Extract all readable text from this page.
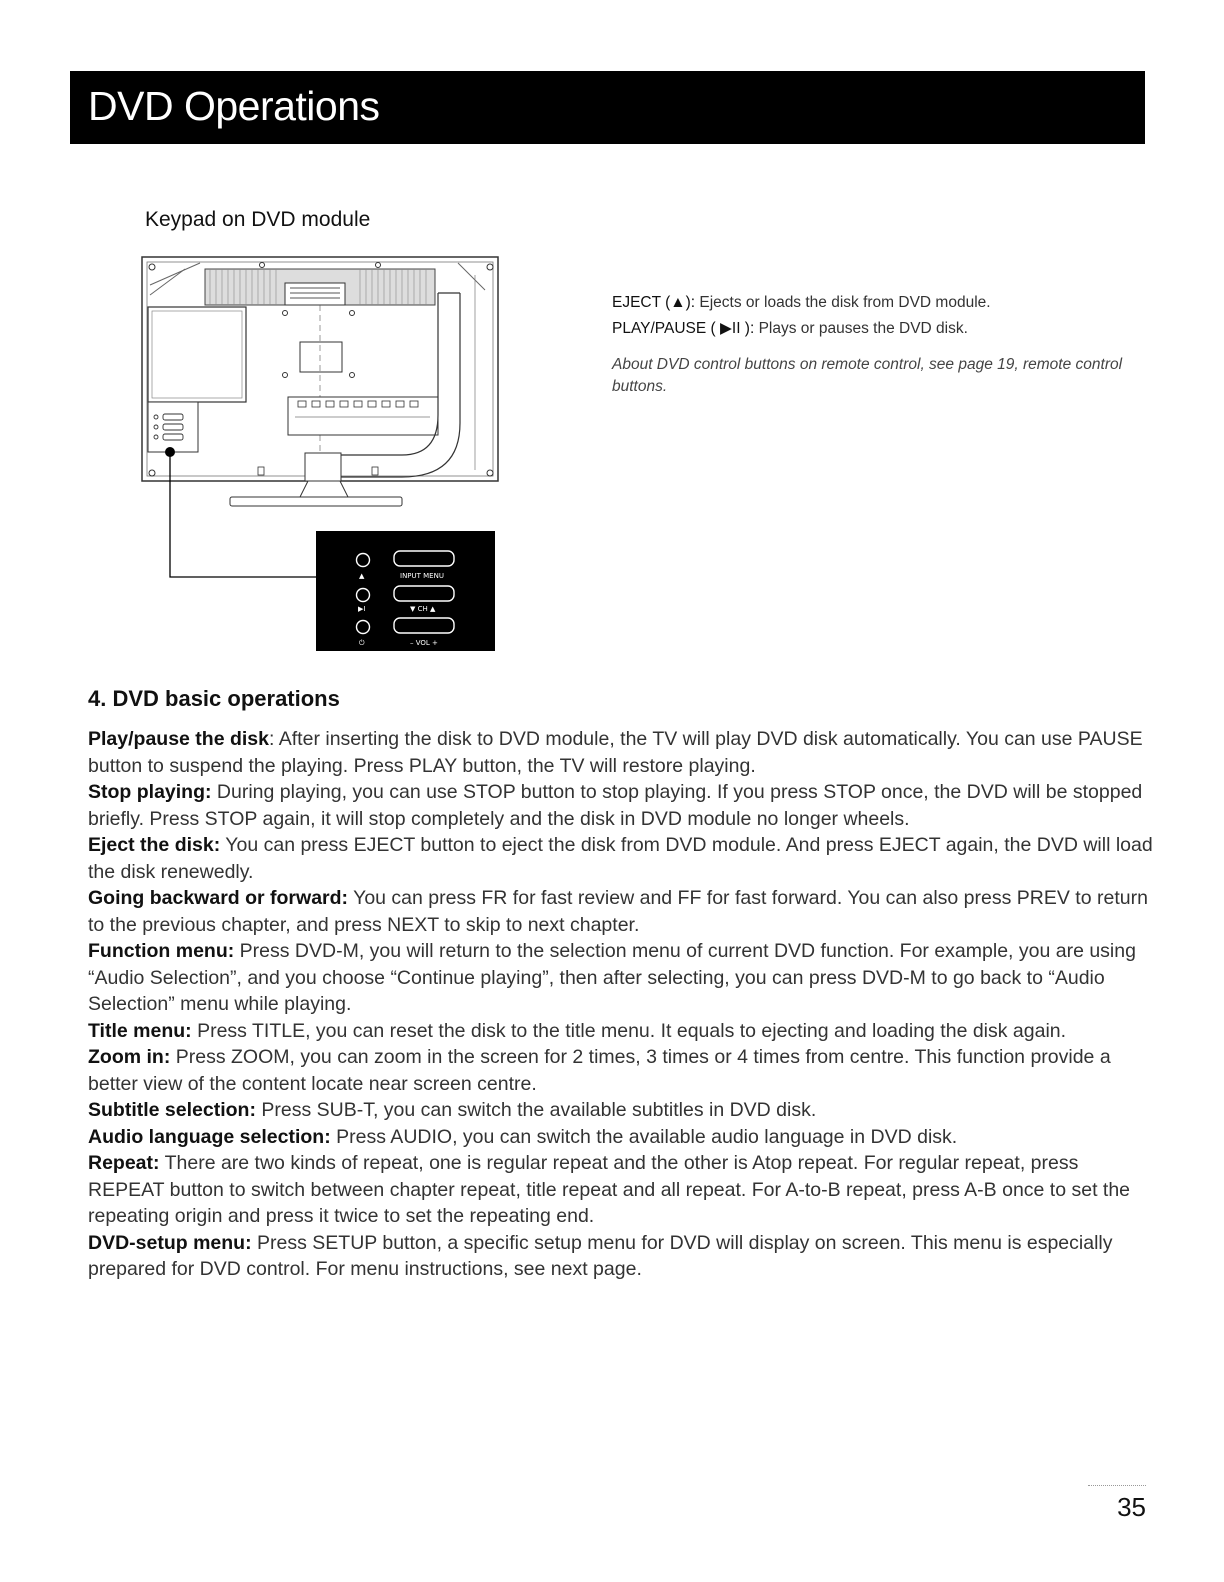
DVD Operations
Keypad on DVD module
▲
▶I
⏻
INPUT MENU
▼ CH ▲
– VOL +
EJECT (▲): Ejects or loads the disk from DVD module.
PLAY/PAUSE ( ▶II ): Plays or pauses the DVD disk.
About DVD control buttons on remote control, see page 19, remote control buttons.
4. DVD basic operations

Play/pause the disk: After inserting the disk to DVD module, the TV will play DVD disk automatically. You can use PAUSE button to suspend the playing. Press PLAY button, the TV will restore playing.

Stop playing: During playing, you can use STOP button to stop playing. If you press STOP once, the DVD will be stopped briefly. Press STOP again, it will stop completely and the disk in DVD module no longer wheels.

Eject the disk: You can press EJECT button to eject the disk from DVD module. And press EJECT again, the DVD will load the disk renewedly.

Going backward or forward: You can press FR for fast review and FF for fast forward. You can also press PREV to return to the previous chapter, and press NEXT to skip to next chapter.

Function menu: Press DVD-M, you will return to the selection menu of current DVD function. For example, you are using “Audio Selection”, and you choose “Continue playing”, then after selecting, you can press DVD-M to go back to “Audio Selection” menu while playing.

Title menu: Press TITLE, you can reset the disk to the title menu. It equals to ejecting and loading the disk again.

Zoom in: Press ZOOM, you can zoom in the screen for 2 times, 3 times or 4 times from centre. This function provide a better view of the content locate near screen centre.

Subtitle selection: Press SUB-T, you can switch the available subtitles in DVD disk.

Audio language selection: Press AUDIO, you can switch the available audio language in DVD disk.

Repeat: There are two kinds of repeat, one is regular repeat and the other is Atop repeat. For regular repeat, press REPEAT button to switch between chapter repeat, title repeat and all repeat. For A-to-B repeat, press A-B once to set the repeating origin and press it twice to set the repeating end.

DVD-setup menu: Press SETUP button, a specific setup menu for DVD will display on screen. This menu is especially prepared for DVD control. For menu instructions, see next page.

35
